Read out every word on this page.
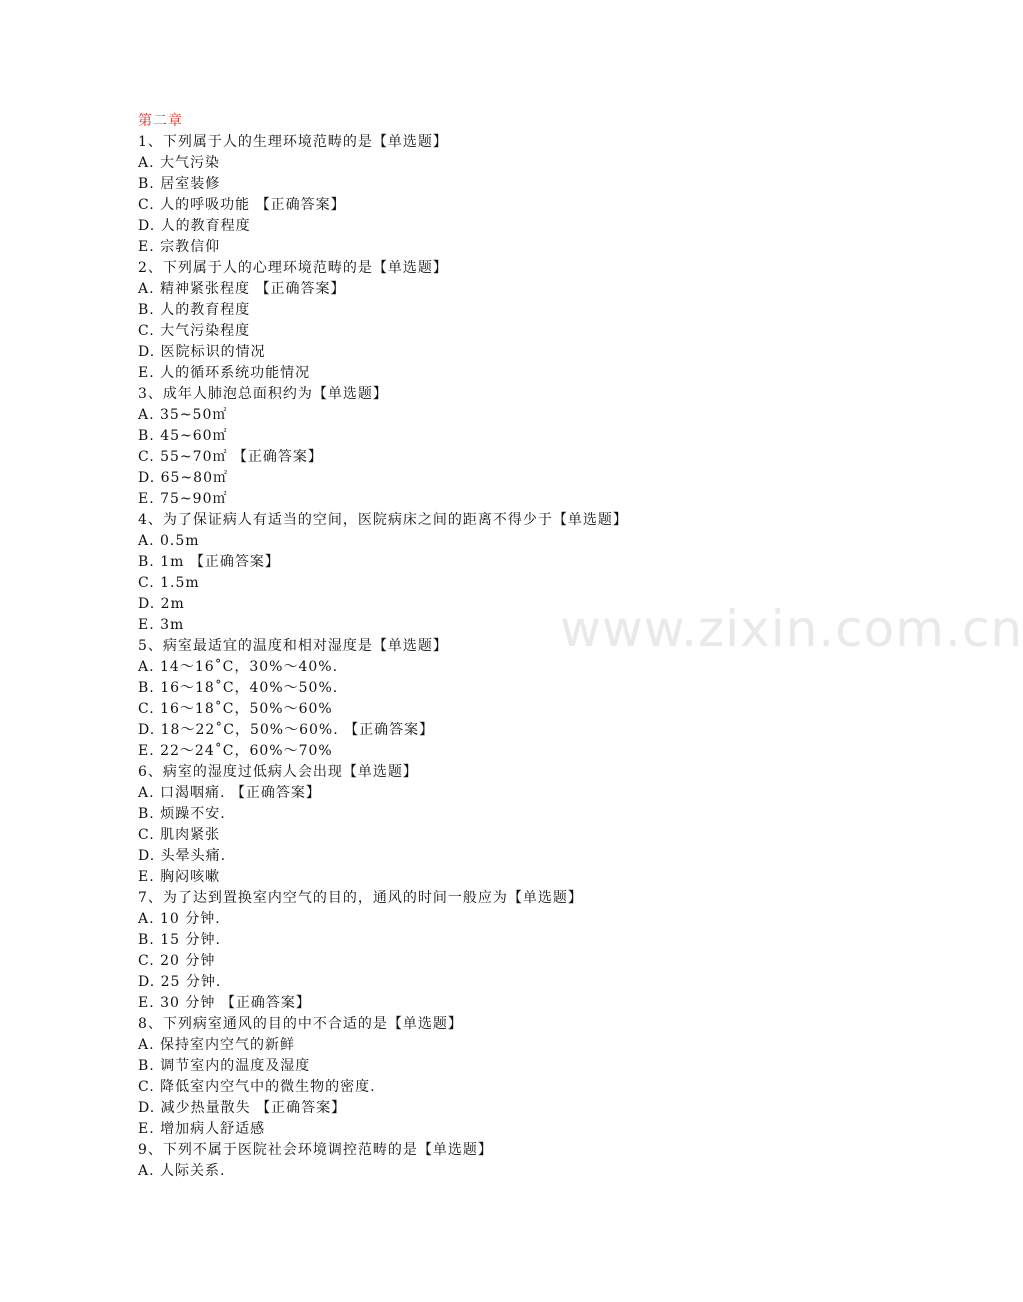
www.zixin.com.cn
第二章
1、下列属于人的生理环境范畴的是【单选题】
A. 大气污染
B. 居室装修
C. 人的呼吸功能 【正确答案】
D. 人的教育程度
E. 宗教信仰
2、下列属于人的心理环境范畴的是【单选题】
A. 精神紧张程度 【正确答案】
B. 人的教育程度
C. 大气污染程度
D. 医院标识的情况
E. 人的循环系统功能情况
3、成年人肺泡总面积约为【单选题】
A. 35~50㎡
B. 45~60㎡
C. 55~70㎡ 【正确答案】
D. 65~80㎡
E. 75~90㎡
4、为了保证病人有适当的空间，医院病床之间的距离不得少于【单选题】
A. 0.5m
B. 1m 【正确答案】
C. 1.5m
D. 2m
E. 3m
5、病室最适宜的温度和相对湿度是【单选题】
A. 14～16˚C，30%～40%.
B. 16～18˚C，40%～50%.
C. 16～18˚C，50%～60%
D. 18～22˚C，50%～60%. 【正确答案】
E. 22～24˚C，60%～70%
6、病室的湿度过低病人会出现【单选题】
A. 口渴咽痛. 【正确答案】
B. 烦躁不安.
C. 肌肉紧张
D. 头晕头痛.
E. 胸闷咳嗽
7、为了达到置换室内空气的目的，通风的时间一般应为【单选题】
A. 10 分钟.
B. 15 分钟.
C. 20 分钟
D. 25 分钟.
E. 30 分钟 【正确答案】
8、下列病室通风的目的中不合适的是【单选题】
A. 保持室内空气的新鲜
B. 调节室内的温度及湿度
C. 降低室内空气中的微生物的密度.
D. 减少热量散失 【正确答案】
E. 增加病人舒适感
9、下列不属于医院社会环境调控范畴的是【单选题】
A. 人际关系.
